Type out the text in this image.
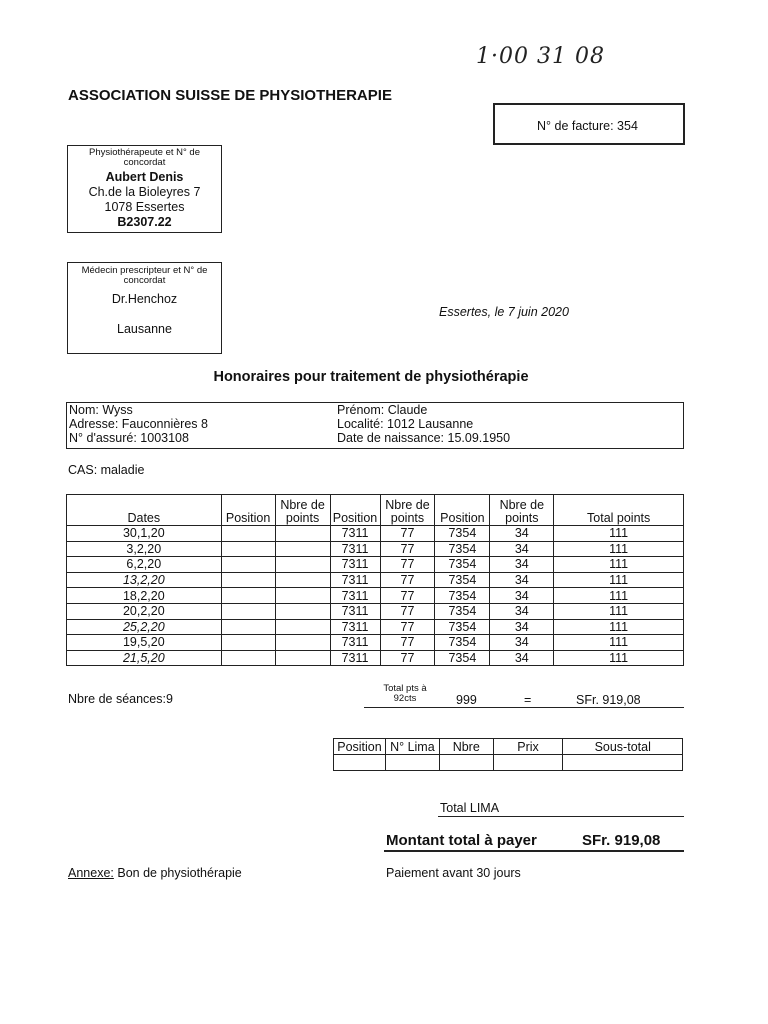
1·00 31 08
ASSOCIATION SUISSE DE PHYSIOTHERAPIE
N° de facture: 354
Physiothérapeute et N° de concordat
Aubert Denis
Ch.de la Bioleyres 7
1078 Essertes
B2307.22
Médecin prescripteur et N° de concordat
Dr.Henchoz
Lausanne
Essertes, le 7 juin 2020
Honoraires pour traitement de physiothérapie
Nom: Wyss	Prénom: Claude
Adresse: Fauconnières 8	Localité: 1012 Lausanne
N° d'assuré: 1003108	Date de naissance: 15.09.1950
CAS: maladie
Dates	Position	Nbre de points	Position	Nbre de points	Position	Nbre de points	Total points
30,1,20			7311	77	7354	34	111
3,2,20			7311	77	7354	34	111
6,2,20			7311	77	7354	34	111
13,2,20			7311	77	7354	34	111
18,2,20			7311	77	7354	34	111
20,2,20			7311	77	7354	34	111
25,2,20			7311	77	7354	34	111
19,5,20			7311	77	7354	34	111
21,5,20			7311	77	7354	34	111
Nbre de séances:9
Total pts à
92cts	999	=	SFr. 919,08
Position	N° Lima	Nbre	Prix	Sous-total

Total LIMA
Montant total à payer	SFr. 919,08
Annexe: Bon de physiothérapie	Paiement avant 30 jours
